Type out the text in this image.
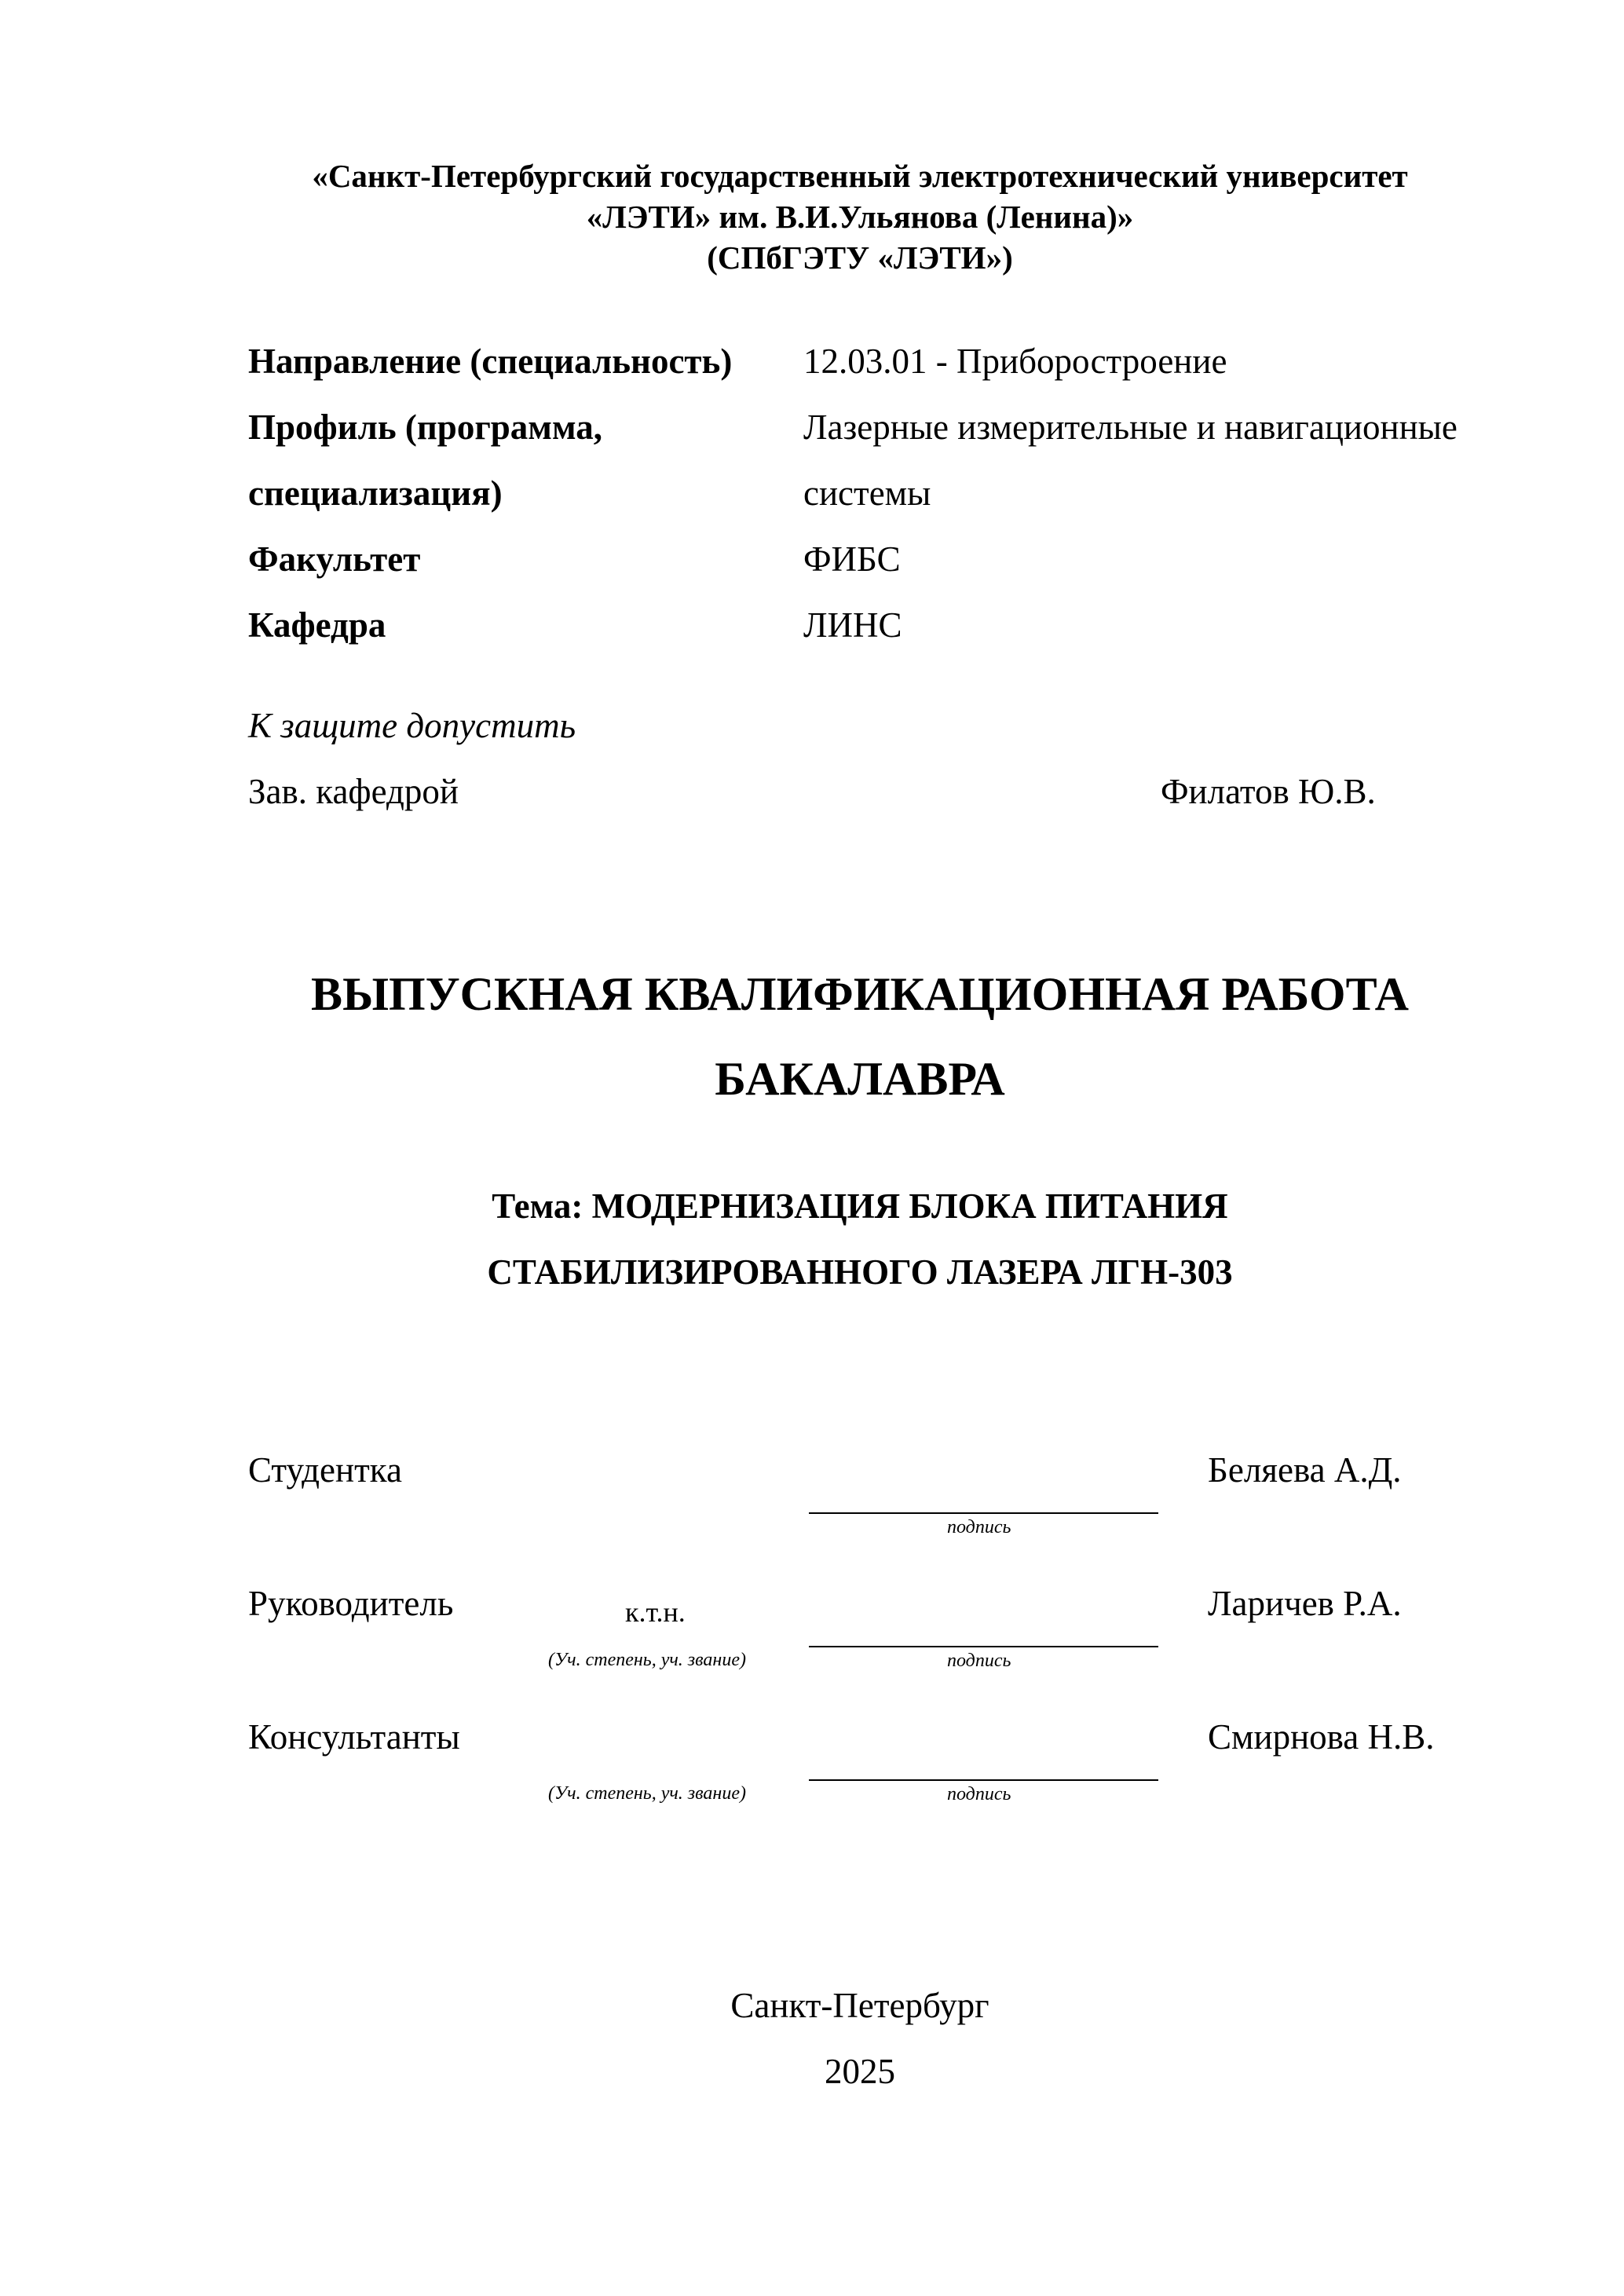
«Санкт-Петербургский государственный электротехнический университет
«ЛЭТИ» им. В.И.Ульянова (Ленина)»
(СПбГЭТУ «ЛЭТИ»)
Направление (специальность) 12.03.01 - Приборостроение
Профиль (программа,	Лазерные измерительные и навигационные
специализация)	системы
Факультет	ФИБС
Кафедра	ЛИНС
К защите допустить
Зав. кафедрой	Филатов Ю.В.
ВЫПУСКНАЯ КВАЛИФИКАЦИОННАЯ РАБОТА
БАКАЛАВРА
Тема: МОДЕРНИЗАЦИЯ БЛОКА ПИТАНИЯ
СТАБИЛИЗИРОВАННОГО ЛАЗЕРА ЛГН-303
Студентка	Беляева А.Д.
подпись
Руководитель	к.т.н.	Ларичев Р.А.
(Уч. степень, уч. звание)	подпись
Консультанты	Смирнова Н.В.
(Уч. степень, уч. звание)	подпись
Санкт-Петербург
2025
